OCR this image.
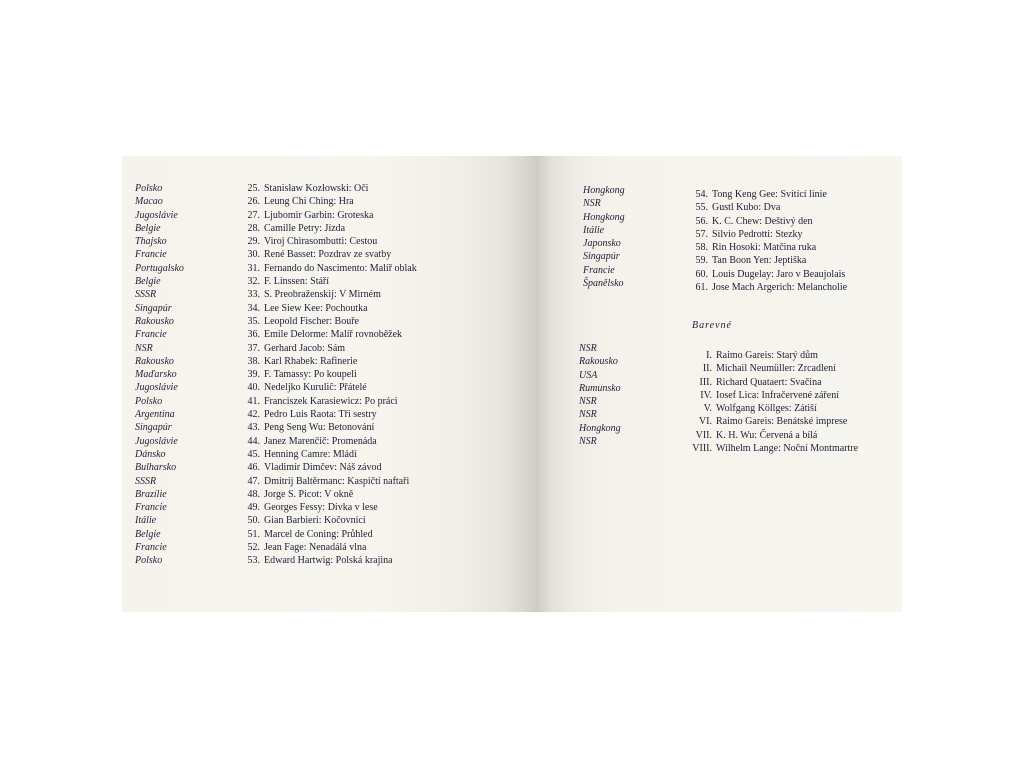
Polsko
Macao
Jugoslávie
Belgie
Thajsko
Francie
Portugalsko
Belgie
SSSR
Singapúr
Rakousko
Francie
NSR
Rakousko
Maďarsko
Jugoslávie
Polsko
Argentina
Singapúr
Jugoslávie
Dánsko
Bulharsko
SSSR
Brazílie
Francie
Itálie
Belgie
Francie
Polsko
25. Stanisław Kozłowski: Oči
26. Leung Chi Ching: Hra
27. Ljubomir Garbin: Groteska
28. Camille Petry: Jízda
29. Viroj Chirasombutti: Cestou
30. René Basset: Pozdrav ze svatby
31. Fernando do Nascimento: Malíř oblak
32. F. Linssen: Stáří
33. S. Preobraženskij: V Mirném
34. Lee Siew Kee: Pochoutka
35. Leopold Fischer: Bouře
36. Emile Delorme: Malíř rovnoběžek
37. Gerhard Jacob: Sám
38. Karl Rhabek: Rafinerie
39. F. Tamassy: Po koupeli
40. Nedeljko Kuruliĉ: Přátelé
41. Franciszek Karasiewicz: Po práci
42. Pedro Luis Raota: Tři sestry
43. Peng Seng Wu: Betonování
44. Janez Marenčič: Promenáda
45. Henning Camre: Mládí
46. Vladimír Dimčev: Náš závod
47. Dmitrij Baltěrmanc: Kaspičtí naftaři
48. Jorge S. Picot: V okně
49. Georges Fessy: Dívka v lese
50. Gian Barbieri: Kočovníci
51. Marcel de Coning: Průhled
52. Jean Fage: Nenadálá vlna
53. Edward Hartwig: Polská krajina
Hongkong
NSR
Hongkong
Itálie
Japonsko
Singapúr
Francie
Španělsko
54. Tong Keng Gee: Svítící linie
55. Gustl Kubo: Dva
56. K. C. Chew: Deštivý den
57. Silvio Pedrotti: Stezky
58. Rin Hosoki: Matčina ruka
59. Tan Boon Yen: Jeptiška
60. Louis Dugelay: Jaro v Beaujolais
61. Jose Mach Argerich: Melancholie
Barevné
NSR
Rakousko
USA
Rumunsko
NSR
NSR
Hongkong
NSR
I. Raimo Gareis: Starý dům
II. Michail Neumüller: Zrcadlení
III. Richard Quataert: Svačina
IV. Iosef Lica: Infračervené záření
V. Wolfgang Köllges: Zátiší
VI. Raimo Gareis: Benátské imprese
VII. K. H. Wu: Červená a bílá
VIII. Wilhelm Lange: Noční Montmartre
